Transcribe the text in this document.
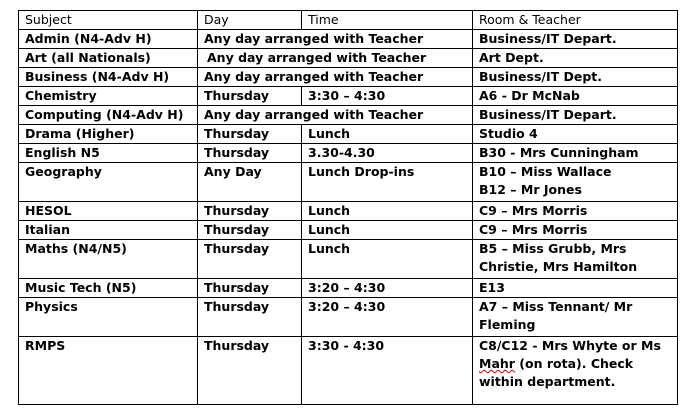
Subject	Day	Time	Room & Teacher
Admin (N4-Adv H)	Any day arranged with Teacher		Business/IT Depart.
Art (all Nationals)	Any day arranged with Teacher		Art Dept.
Business (N4-Adv H)	Any day arranged with Teacher		Business/IT Dept.
Chemistry	Thursday	3:30 – 4:30	A6 - Dr McNab
Computing (N4-Adv H)	Any day arranged with Teacher		Business/IT Depart.
Drama (Higher)	Thursday	Lunch	Studio 4
English N5	Thursday	3.30-4.30	B30 - Mrs Cunningham
Geography	Any Day	Lunch Drop-ins	B10 – Miss Wallace
B12 – Mr Jones

HESOL	Thursday	Lunch	C9 – Mrs Morris
Italian	Thursday	Lunch	C9 – Mrs Morris
Maths (N4/N5)	Thursday	Lunch	B5 – Miss Grubb, Mrs Christie, Mrs Hamilton
Music Tech (N5)	Thursday	3:20 – 4:30	E13
Physics	Thursday	3:20 – 4:30	A7 – Miss Tennant/ Mr Fleming
RMPS	Thursday	3:30 - 4:30	C8/C12 - Mrs Whyte or Ms Mahr (on rota). Check within department.
